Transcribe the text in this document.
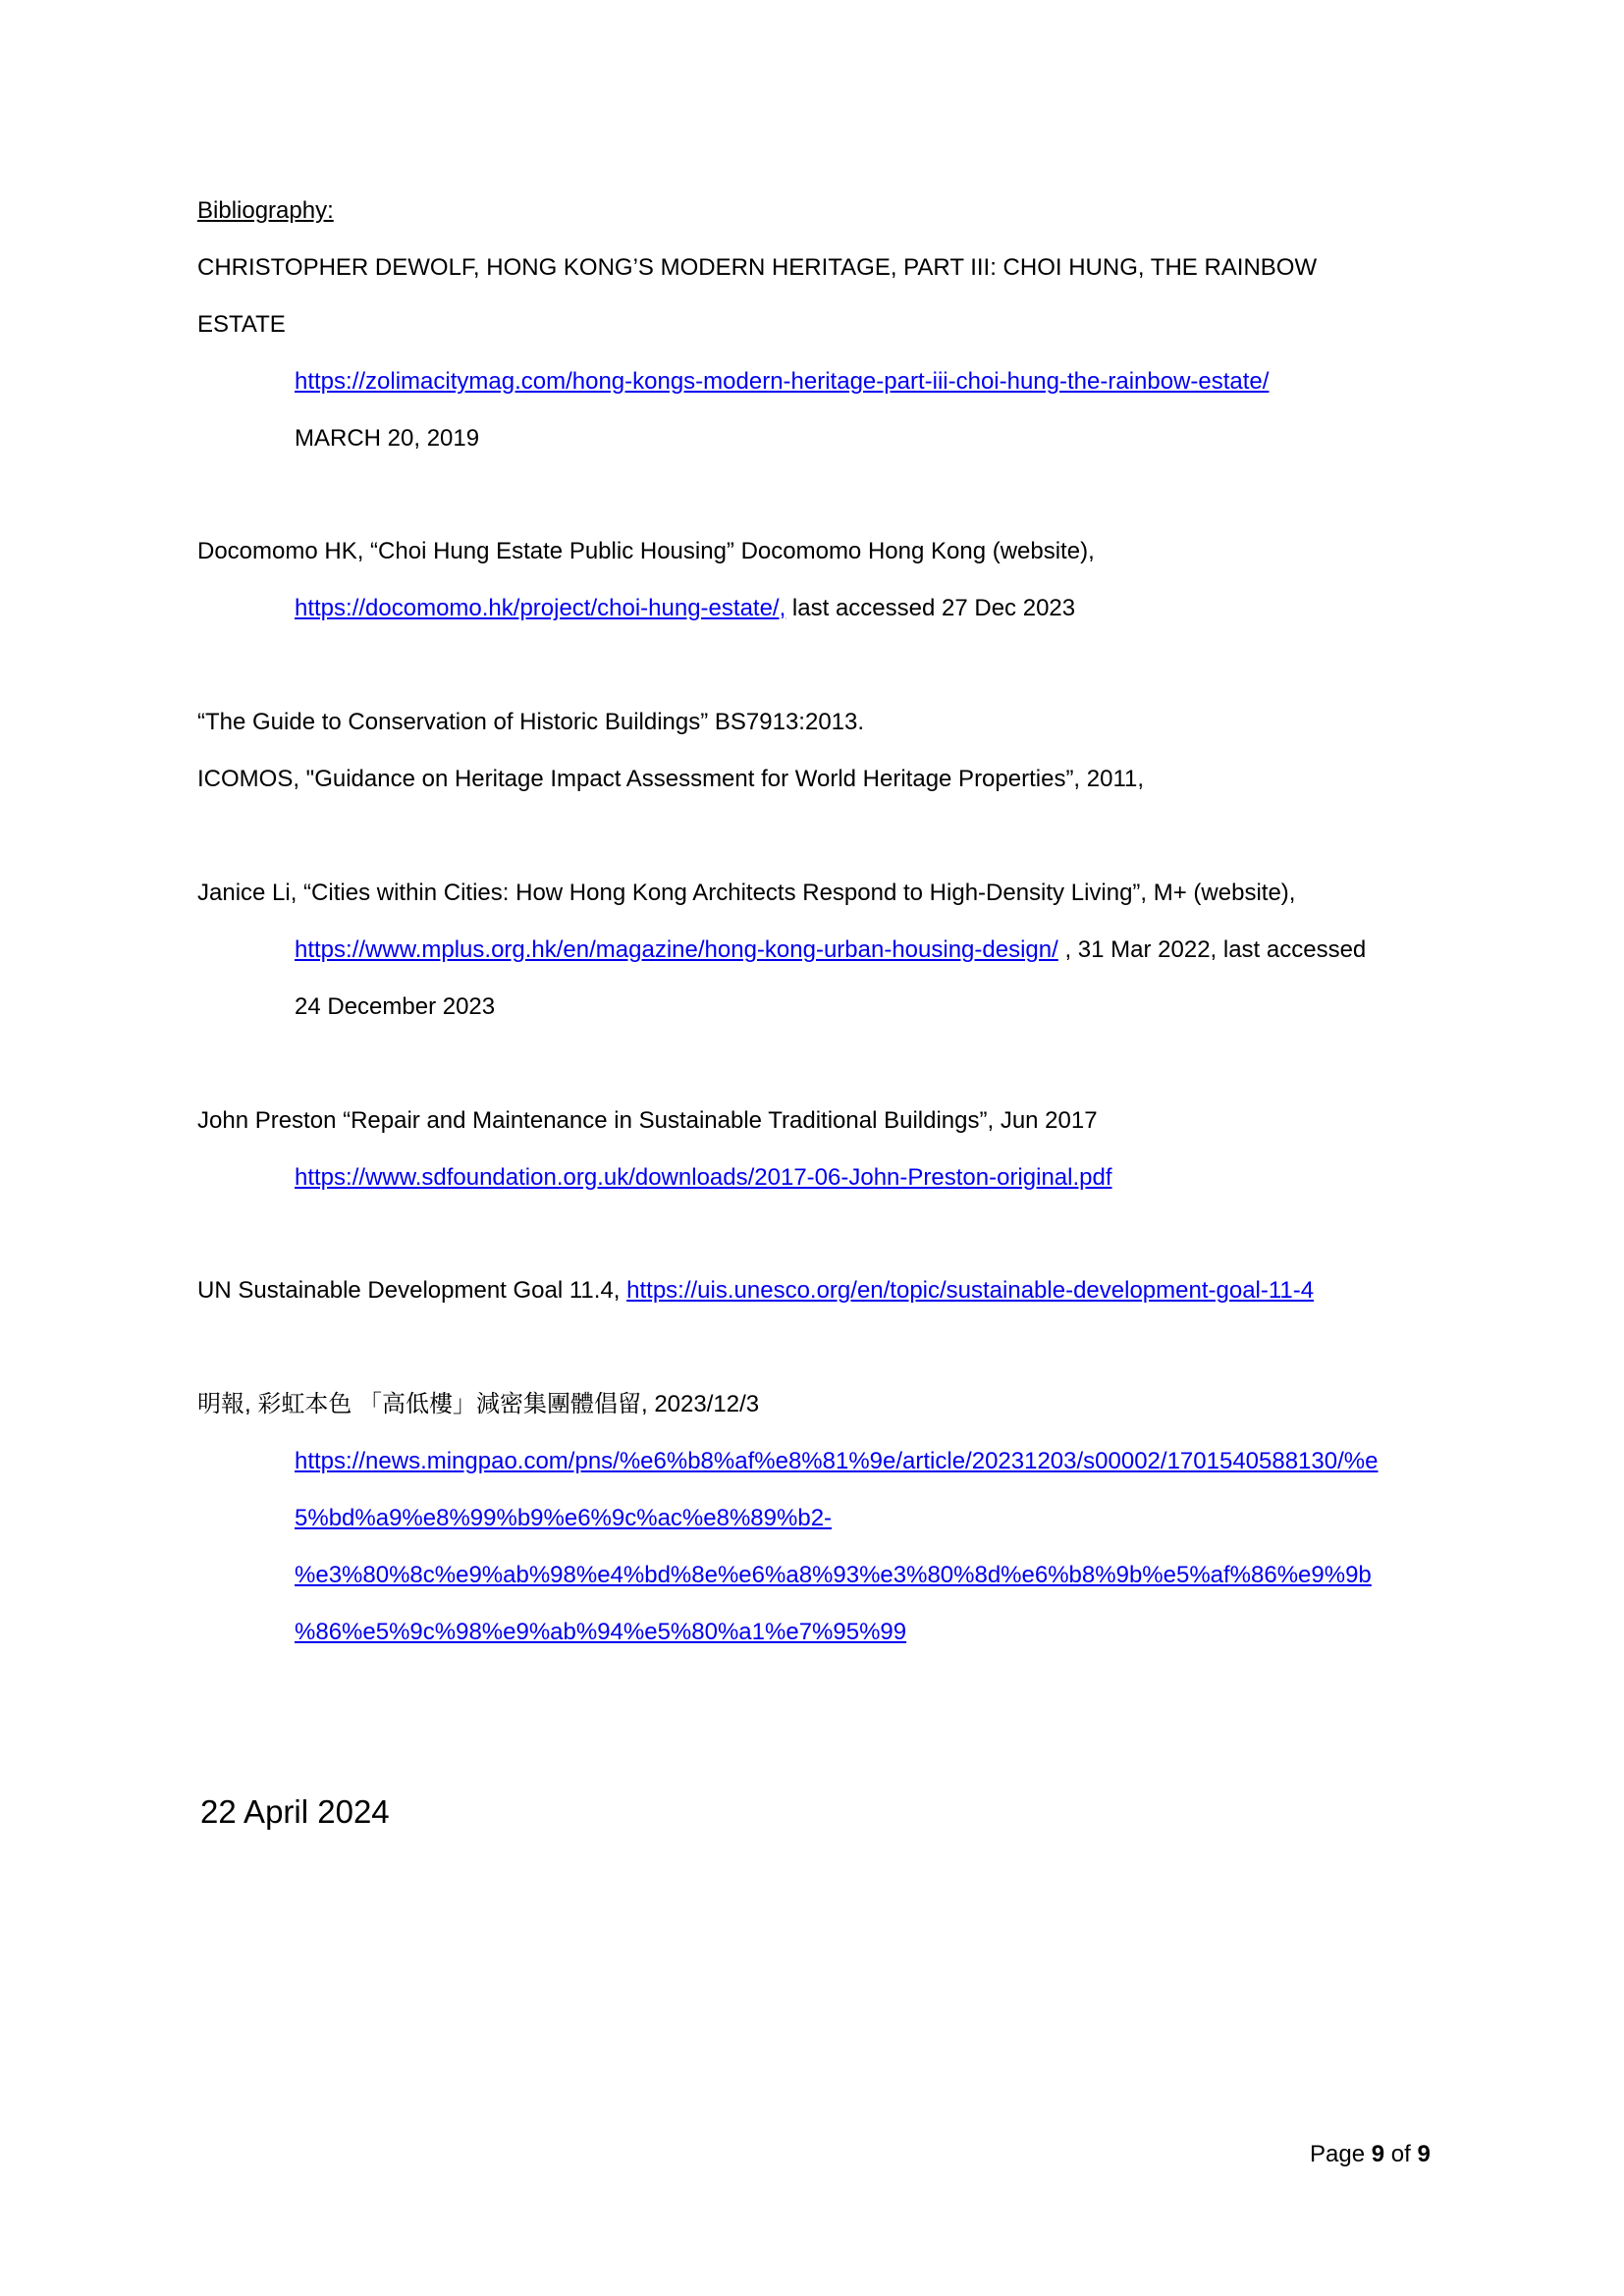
Bibliography:
CHRISTOPHER DEWOLF, HONG KONG’S MODERN HERITAGE, PART III: CHOI HUNG, THE RAINBOW
ESTATE
https://zolimacitymag.com/hong-kongs-modern-heritage-part-iii-choi-hung-the-rainbow-estate/
MARCH 20, 2019
Docomomo HK, “Choi Hung Estate Public Housing” Docomomo Hong Kong (website),
https://docomomo.hk/project/choi-hung-estate/, last accessed 27 Dec 2023
“The Guide to Conservation of Historic Buildings” BS7913:2013.
ICOMOS, "Guidance on Heritage Impact Assessment for World Heritage Properties”, 2011,
Janice Li, “Cities within Cities: How Hong Kong Architects Respond to High-Density Living”, M+ (website),
https://www.mplus.org.hk/en/magazine/hong-kong-urban-housing-design/ , 31 Mar 2022, last accessed
24 December 2023
John Preston “Repair and Maintenance in Sustainable Traditional Buildings”, Jun 2017
https://www.sdfoundation.org.uk/downloads/2017-06-John-Preston-original.pdf
UN Sustainable Development Goal 11.4, https://uis.unesco.org/en/topic/sustainable-development-goal-11-4
明報, 彩虹本色 「高低樓」減密集團體倡留, 2023/12/3
https://news.mingpao.com/pns/%e6%b8%af%e8%81%9e/article/20231203/s00002/1701540588130/%e
5%bd%a9%e8%99%b9%e6%9c%ac%e8%89%b2-
%e3%80%8c%e9%ab%98%e4%bd%8e%e6%a8%93%e3%80%8d%e6%b8%9b%e5%af%86%e9%9b
%86%e5%9c%98%e9%ab%94%e5%80%a1%e7%95%99
22 April 2024
Page 9 of 9
